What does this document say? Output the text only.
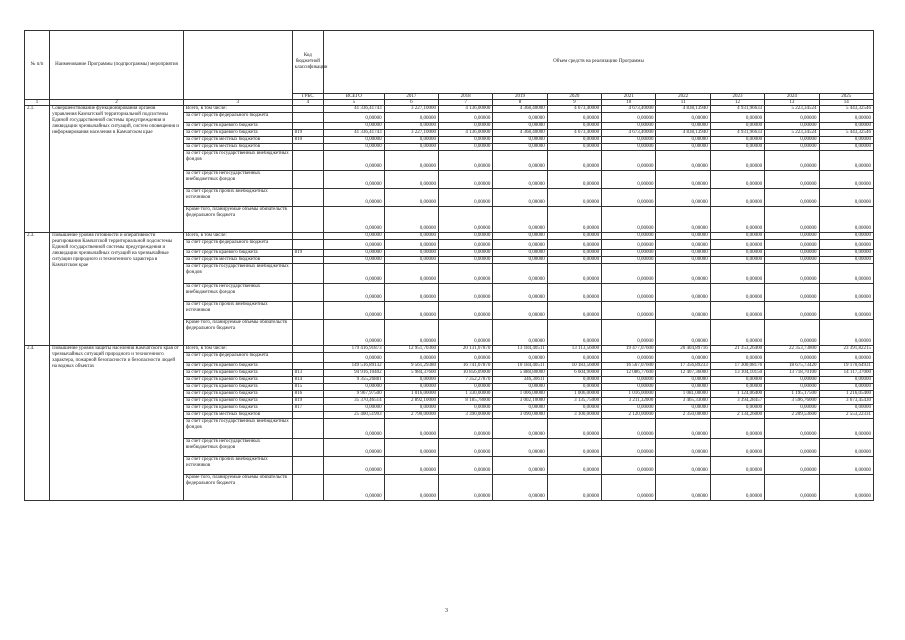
№ п/п	Наименование Программы (подпрограммы) мероприятия		Код бюджетной классификации	Объем средств на реализацию Программы									
			ГРБС	ВСЕГО	2017	2018	2019	2020	2021	2022	2023	2024	2025
1	2	3	4	5	6	7	8	9	10	11	12	13	14
2.1.	Совершенствование функционирования органов управления Камчатской территориальной подсистемы Единой государственной системы предупреждения и ликвидации чрезвычайных ситуаций, систем оповещения и информирования населения в Камчатском крае	Всего, в том числе:		41 336,41743	3 227,10000	4 136,00000	4 368,40000	4 673,40000	4 673,40000	4 838,13940	4 931,96633	5 223,34524	5 443,32546
		за счет средств федерального бюджета		0,00000	0,00000	0,00000	0,00000	0,00000	0,00000	0,00000	0,00000	0,00000	0,00000
		за счет средств краевого бюджета		0,00000	0,00000	0,00000	0,00000	0,00000	0,00000	0,00000	0,00000	0,00000	0,00000
		за счет средств краевого бюджета	819	41 336,41743	3 227,10000	4 136,00000	4 368,40000	4 673,40000	4 673,40000	4 838,13940	4 931,96633	5 223,34524	5 443,32546
		за счет средств местных бюджетов	810	0,00000	0,00000	0,00000	0,00000	0,00000	0,00000	0,00000	0,00000	0,00000	0,00000
		за счет средств местных бюджетов		0,00000	0,00000	0,00000	0,00000	0,00000	0,00000	0,00000	0,00000	0,00000	0,00000
		за счет средств государственных внебюджетных фондов		0,00000	0,00000	0,00000	0,00000	0,00000	0,00000	0,00000	0,00000	0,00000	0,00000
		за счет средств негосударственных внебюджетных фондов		0,00000	0,00000	0,00000	0,00000	0,00000	0,00000	0,00000	0,00000	0,00000	0,00000
		за счет средств прочих внебюджетных источников		0,00000	0,00000	0,00000	0,00000	0,00000	0,00000	0,00000	0,00000	0,00000	0,00000
		Кроме того, планируемые объемы обязательств федерального бюджета		0,00000	0,00000	0,00000	0,00000	0,00000	0,00000	0,00000	0,00000	0,00000	0,00000
2.3.	Повышение уровня готовности и оперативности реагирования Камчатской территориальной подсистемы Единой государственной системы предупреждения и ликвидации чрезвычайных ситуаций на чрезвычайные ситуации природного и техногенного характера в Камчатском крае	Всего, в том числе:		0,00000	0,00000	0,00000	0,00000	0,00000	0,00000	0,00000	0,00000	0,00000	0,00000
		за счет средств федерального бюджета		0,00000	0,00000	0,00000	0,00000	0,00000	0,00000	0,00000	0,00000	0,00000	0,00000
		за счет средств краевого бюджета	819	0,00000	0,00000	0,00000	0,00000	0,00000	0,00000	0,00000	0,00000	0,00000	0,00000
		за счет средств местных бюджетов		0,00000	0,00000	0,00000	0,00000	0,00000	0,00000	0,00000	0,00000	0,00000	0,00000
		за счет средств государственных внебюджетных фондов		0,00000	0,00000	0,00000	0,00000	0,00000	0,00000	0,00000	0,00000	0,00000	0,00000
		за счет средств негосударственных внебюджетных фондов		0,00000	0,00000	0,00000	0,00000	0,00000	0,00000	0,00000	0,00000	0,00000	0,00000
		за счет средств прочих внебюджетных источников		0,00000	0,00000	0,00000	0,00000	0,00000	0,00000	0,00000	0,00000	0,00000	0,00000
		Кроме того, планируемые объемы обязательств федерального бюджета		0,00000	0,00000	0,00000	0,00000	0,00000	0,00000	0,00000	0,00000	0,00000	0,00000
2.4.	Повышение уровня защиты населения Камчатского края от чрезвычайных ситуаций природного и техногенного характера, пожарной безопасности и безопасности людей на водных объектах	Всего, в том числе:		179 416,91873	12 951,70360	20 131,07870	13 184,40511	13 113,56000	19 477,07600	20 404,89716	21 353,26400	22 353,73800	23 391,82215
		за счет средств федерального бюджета		0,00000	0,00000	0,00000	0,00000	0,00000	0,00000	0,00000	0,00000	0,00000	0,00000
		за счет средств краевого бюджета		149 516,89132	9 561,29380	16 741,07870	10 184,40511	10 183,56000	16 567,07600	17 356,89233	17 300,08176	18 675,73420	19 170,64931
		за счет средств краевого бюджета	813	94 916,10402	5 984,37600	10 856,09000	5 888,80000	6 604,90000	12 086,77600	12 407,36000	13 104,10150	13 718,70100	14 117,37000
		за счет средств краевого бюджета	814	9 355,26881	0,00000	7 352,27870	346,30611	0,00000	0,00000	0,00000	0,00000	0,00000	0,00000
		за счет средств краевого бюджета	815	0,00000	0,00000	0,00000	0,00000	0,00000	0,00000	0,00000	0,00000	0,00000	0,00000
		за счет средств краевого бюджета	816	9 967,97500	1 016,00000	1 330,00000	1 006,00000	1 006,00000	1 016,00000	1 081,00000	1 124,06400	1 195,17500	1 216,05400
		за счет средств краевого бюджета	819	35 370,46514	2 892,10000	8 185,78000	3 002,10000	3 135,75000	3 211,32000	3 465,33000	3 394,28457	3 596,76000	3 673,45430
		за счет средств краевого бюджета	817	0,00000	0,00000	0,00000	0,00000	0,00000	0,00000	0,00000	0,00000	0,00000	0,00000
		за счет средств местных бюджетов		25 400,51993	2 790,00000	3 390,00000	3 090,00000	3 100,00000	2 120,00000	2 350,00000	2 134,26000	2 209,53600	2 553,22331
		за счет средств государственных внебюджетных фондов		0,00000	0,00000	0,00000	0,00000	0,00000	0,00000	0,00000	0,00000	0,00000	0,00000
		за счет средств негосударственных внебюджетных фондов		0,00000	0,00000	0,00000	0,00000	0,00000	0,00000	0,00000	0,00000	0,00000	0,00000
		за счет средств прочих внебюджетных источников		0,00000	0,00000	0,00000	0,00000	0,00000	0,00000	0,00000	0,00000	0,00000	0,00000
		Кроме того, планируемые объемы обязательств федерального бюджета		0,00000	0,00000	0,00000	0,00000	0,00000	0,00000	0,00000	0,00000	0,00000	0,00000
3
